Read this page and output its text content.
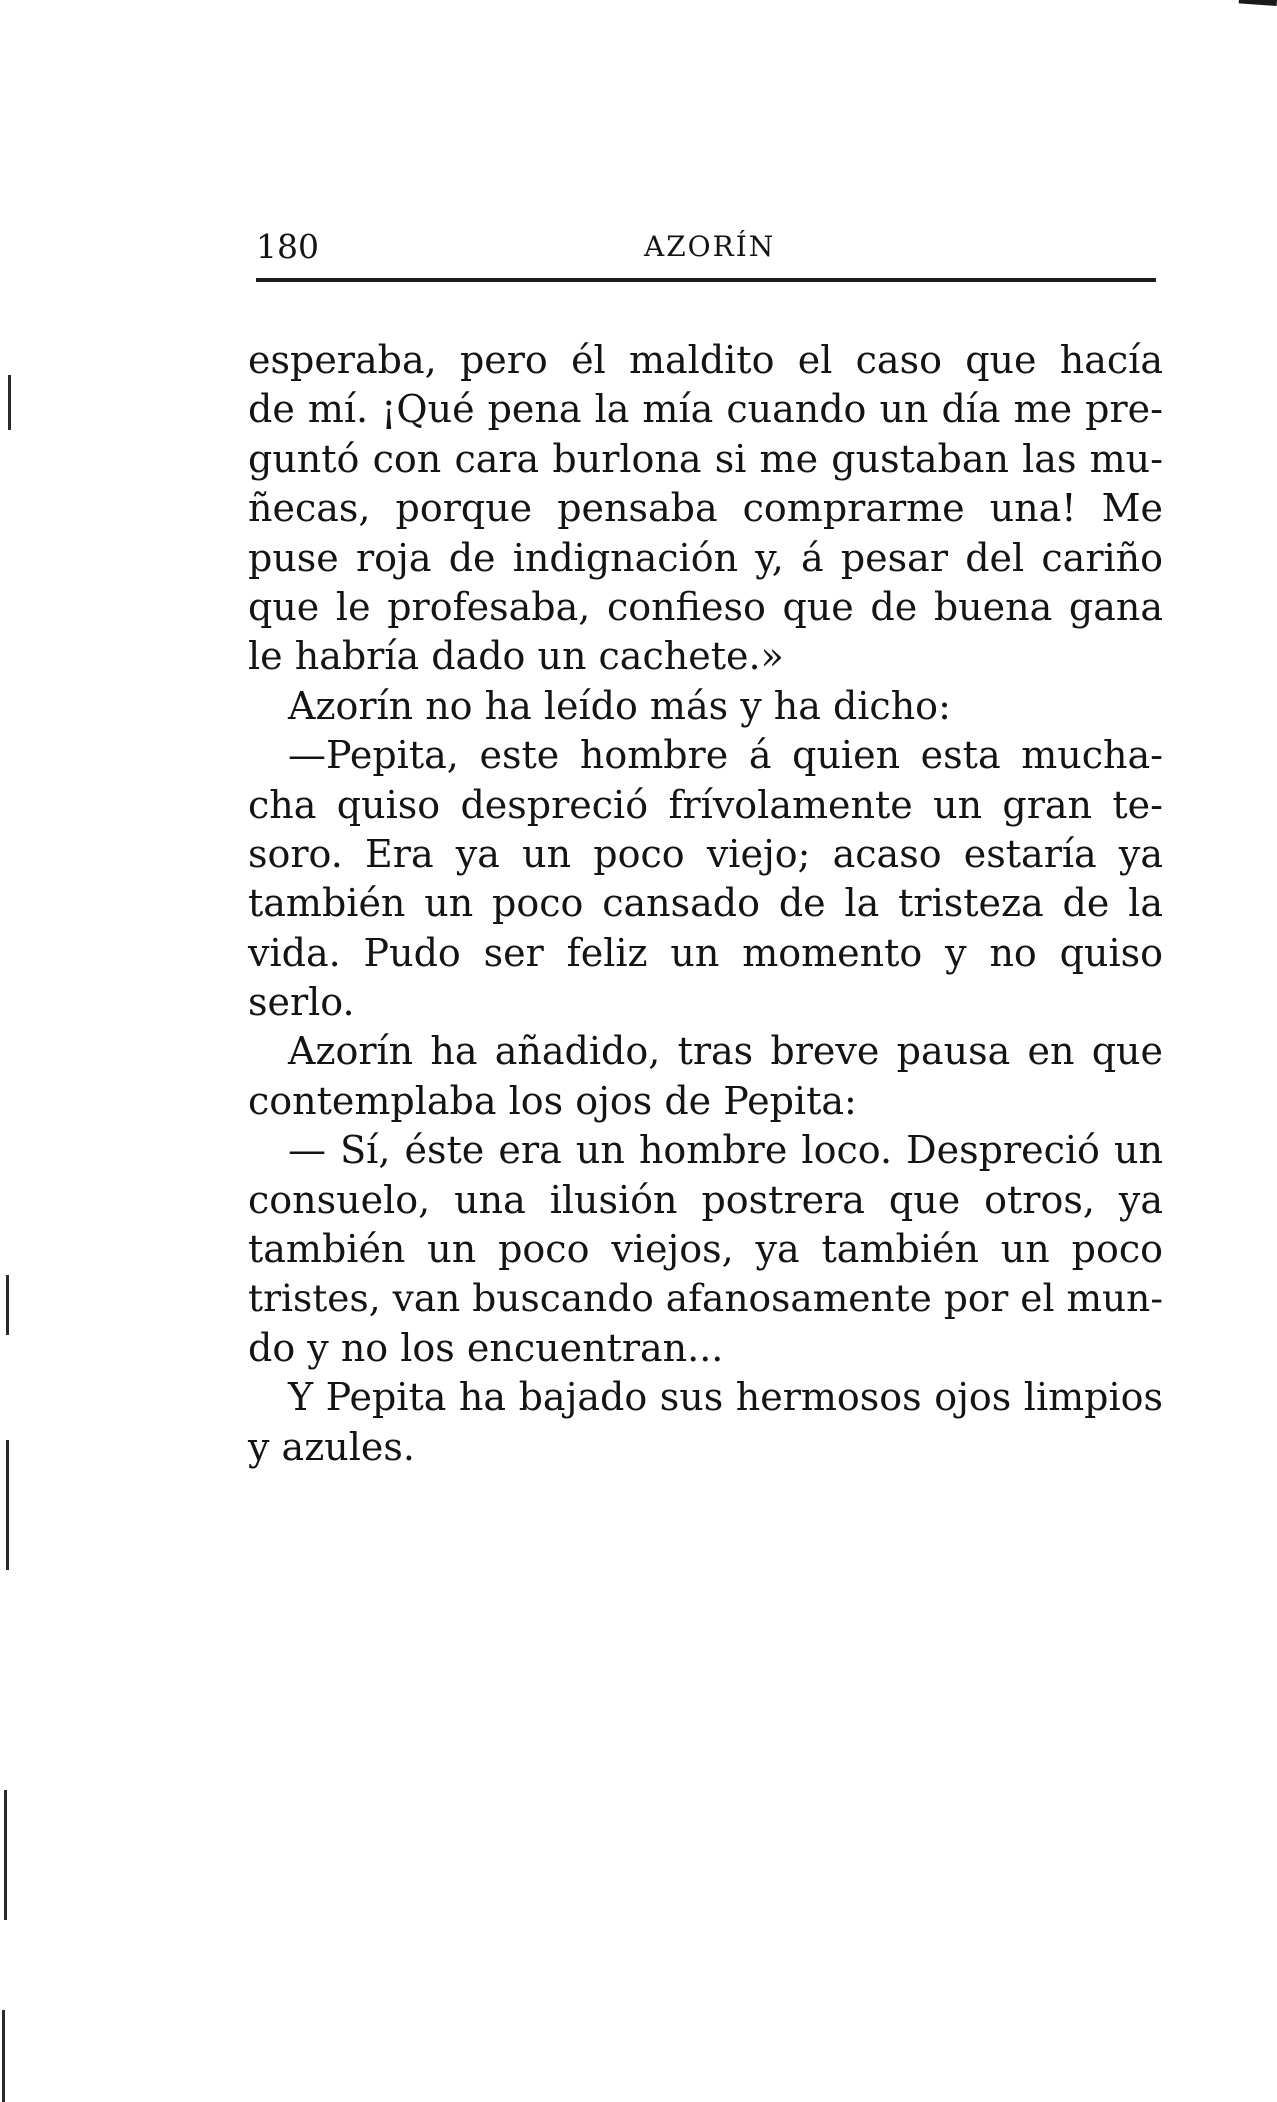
180	AZORÍN
esperaba, pero él maldito el caso que hacía
de mí. ¡Qué pena la mía cuando un día me pre-
guntó con cara burlona si me gustaban las mu-
ñecas, porque pensaba comprarme una! Me
puse roja de indignación y, á pesar del cariño
que le profesaba, confieso que de buena gana
le habría dado un cachete.»
Azorín no ha leído más y ha dicho:
—Pepita, este hombre á quien esta mucha-
cha quiso despreció frívolamente un gran te-
soro. Era ya un poco viejo; acaso estaría ya
también un poco cansado de la tristeza de la
vida. Pudo ser feliz un momento y no quiso
serlo.
Azorín ha añadido, tras breve pausa en que
contemplaba los ojos de Pepita:
— Sí, éste era un hombre loco. Despreció un
consuelo, una ilusión postrera que otros, ya
también un poco viejos, ya también un poco
tristes, van buscando afanosamente por el mun-
do y no los encuentran...
Y Pepita ha bajado sus hermosos ojos limpios
y azules.
